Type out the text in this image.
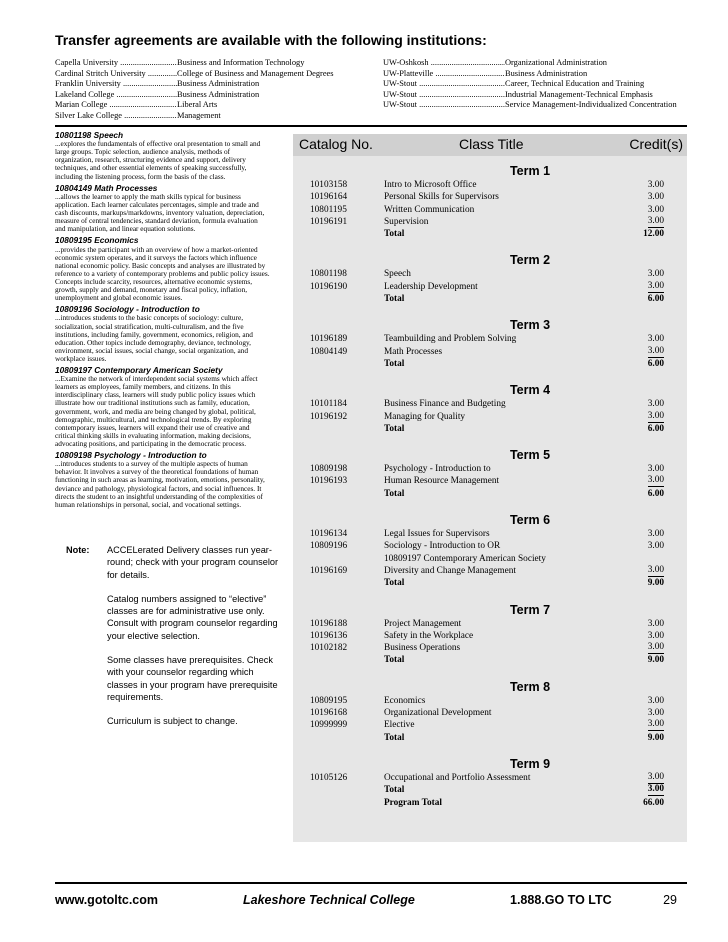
Transfer agreements are available with the following institutions:
Capella University .....	Business and Information Technology
Cardinal Stritch University .....	College of Business and Management Degrees
Franklin University .....	Business Administration
Lakeland College .....	Business Administration
Marian College .....	Liberal Arts
Silver Lake College .....	Management
UW-Oshkosh .....	Organizational Administration
UW-Platteville .....	Business Administration
UW-Stout .....	Career, Technical Education and Training
UW-Stout .....	Industrial Management-Technical Emphasis
UW-Stout .....	Service Management-Individualized Concentration
10801198 Speech
...explores the fundamentals of effective oral presentation to small and large groups. Topic selection, audience analysis, methods of organization, research, structuring evidence and support, delivery techniques, and other essential elements of speaking successfully, including the listening process, form the basis of the class.
10804149 Math Processes
...allows the learner to apply the math skills typical for business application. Each learner calculates percentages, simple and trade and cash discounts, markups/markdowns, inventory valuation, depreciation, measure of central tendencies, standard deviation, formula evaluation and manipulation, and linear equation solutions.
10809195 Economics
...provides the participant with an overview of how a market-oriented economic system operates, and it surveys the factors which influence national economic policy. Basic concepts and analyses are illustrated by reference to a variety of contemporary problems and public policy issues. Concepts include scarcity, resources, alternative economic systems, growth, supply and demand, monetary and fiscal policy, inflation, unemployment and global economic issues.
10809196 Sociology - Introduction to
...introduces students to the basic concepts of sociology: culture, socialization, social stratification, multi-culturalism, and the five institutions, including family, government, economics, religion, and education. Other topics include demography, deviance, technology, environment, social issues, social change, social organization, and workplace issues.
10809197 Contemporary American Society
...Examine the network of interdependent social systems which affect learners as employees, family members, and citizens. In this interdisciplinary class, learners will study public policy issues which illustrate how our traditional institutions such as family, education, government, work, and media are being changed by global, political, demographic, multicultural, and technological trends. By exploring contemporary issues, learners will expand their use of creative and critical thinking skills in evaluating information, making decisions, advocating positions, and participating in the democratic process.
10809198 Psychology - Introduction to
...introduces students to a survey of the multiple aspects of human behavior. It involves a survey of the theoretical foundations of human functioning in such areas as learning, motivation, emotions, personality, deviance and pathology, physiological factors, and social influences. It directs the student to an insightful understanding of the complexities of human relationships in personal, social, and vocational settings.
Note: ACCELerated Delivery classes run year-round; check with your program counselor for details.
Catalog numbers assigned to “elective” classes are for administrative use only. Consult with program counselor regarding your elective selection.
Some classes have prerequisites. Check with your counselor regarding which classes in your program have prerequisite requirements.
Curriculum is subject to change.
Catalog No.	Class Title	Credit(s)
Term 1
10103158	Intro to Microsoft Office	3.00
10196164	Personal Skills for Supervisors	3.00
10801195	Written Communication	3.00
10196191	Supervision	3.00
Total	12.00
Term 2
10801198	Speech	3.00
10196190	Leadership Development	3.00
Total	6.00
Term 3
10196189	Teambuilding and Problem Solving	3.00
10804149	Math Processes	3.00
Total	6.00
Term 4
10101184	Business Finance and Budgeting	3.00
10196192	Managing for Quality	3.00
Total	6.00
Term 5
10809198	Psychology - Introduction to	3.00
10196193	Human Resource Management	3.00
Total	6.00
Term 6
10196134	Legal Issues for Supervisors	3.00
10809196	Sociology - Introduction to OR	3.00
10809197 Contemporary American Society
10196169	Diversity and Change Management	3.00
Total	9.00
Term 7
10196188	Project Management	3.00
10196136	Safety in the Workplace	3.00
10102182	Business Operations	3.00
Total	9.00
Term 8
10809195	Economics	3.00
10196168	Organizational Development	3.00
10999999	Elective	3.00
Total	9.00
Term 9
10105126	Occupational and Portfolio Assessment	3.00
Total	3.00
Program Total	66.00
www.gotoltc.com	Lakeshore Technical College	1.888.GO TO LTC	29
